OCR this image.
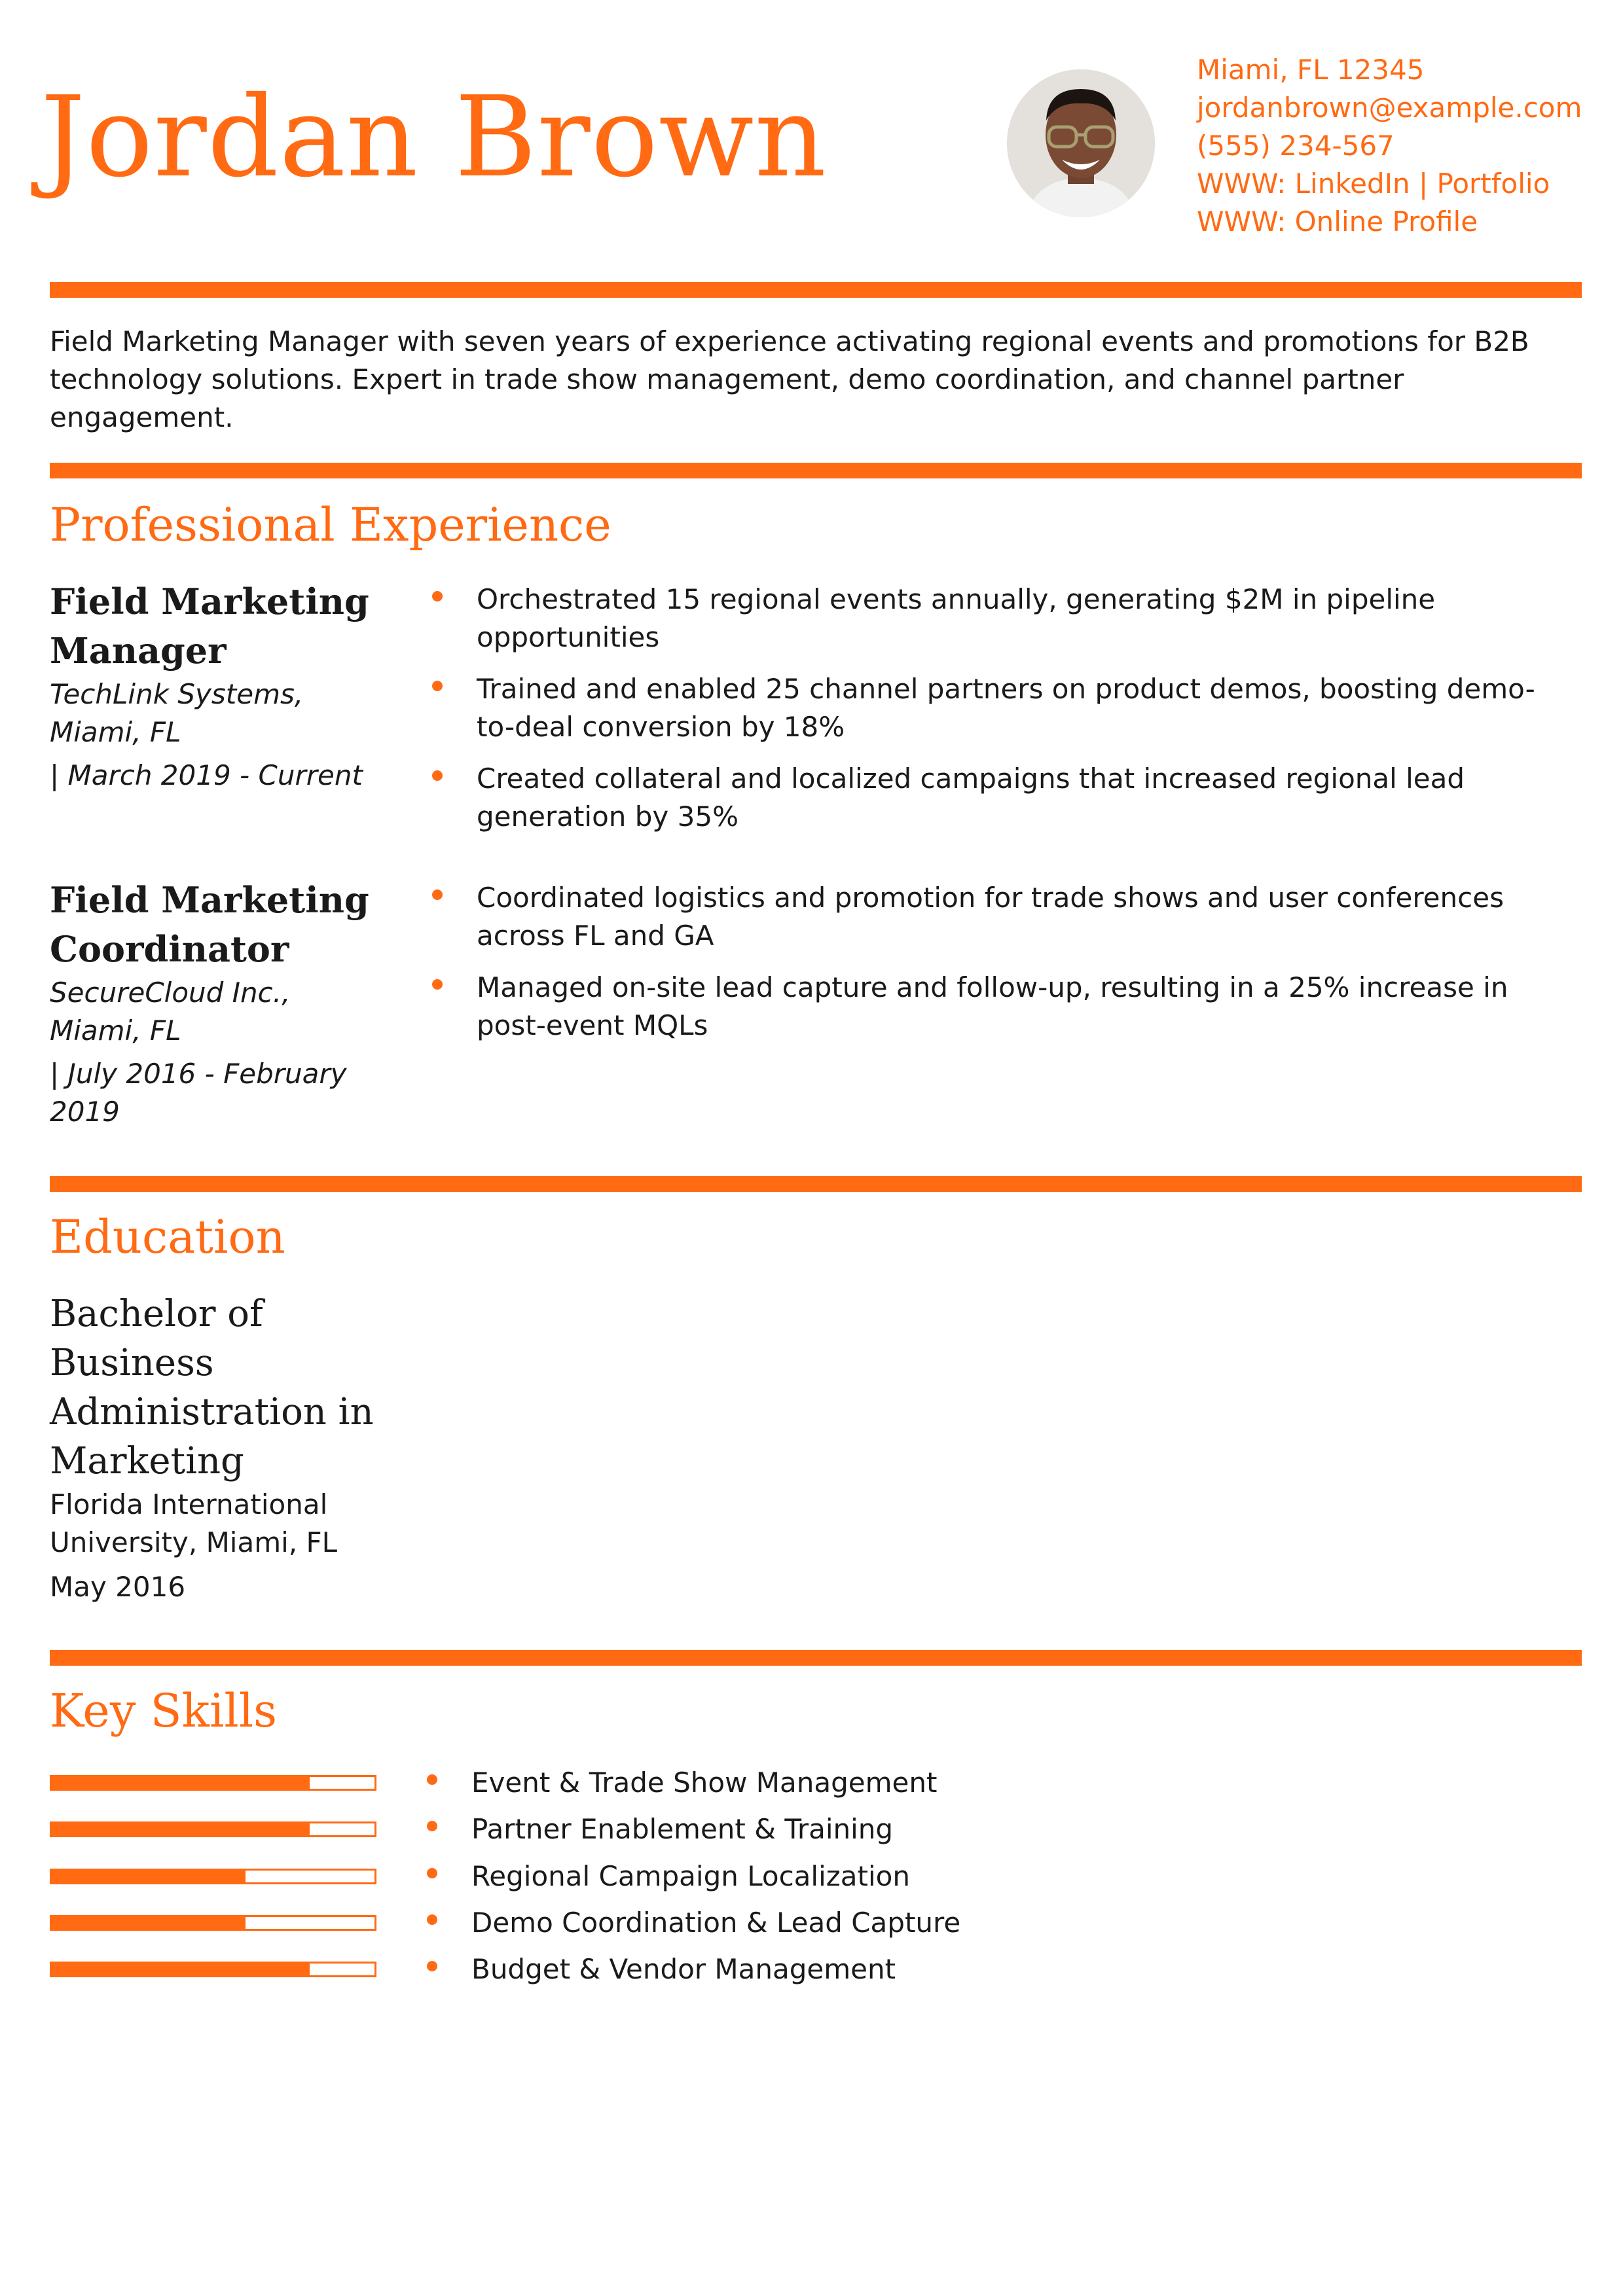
Jordan Brown
Miami, FL 12345
jordanbrown@example.com
(555) 234-567
WWW: LinkedIn | Portfolio
WWW: Online Profile
Field Marketing Manager with seven years of experience activating regional events and promotions for B2B technology solutions. Expert in trade show management, demo coordination, and channel partner engagement.
Professional Experience
Field Marketing
Manager
TechLink Systems,
Miami, FL
| March 2019 - Current
Orchestrated 15 regional events annually, generating $2M in pipeline opportunities
Trained and enabled 25 channel partners on product demos, boosting demo-to-deal conversion by 18%
Created collateral and localized campaigns that increased regional lead generation by 35%
Field Marketing
Coordinator
SecureCloud Inc.,
Miami, FL
| July 2016 - February
2019
Coordinated logistics and promotion for trade shows and user conferences across FL and GA
Managed on-site lead capture and follow-up, resulting in a 25% increase in post-event MQLs
Education
Bachelor of
Business
Administration in
Marketing
Florida International
University, Miami, FL
May 2016
Key Skills
Event & Trade Show Management
Partner Enablement & Training
Regional Campaign Localization
Demo Coordination & Lead Capture
Budget & Vendor Management
